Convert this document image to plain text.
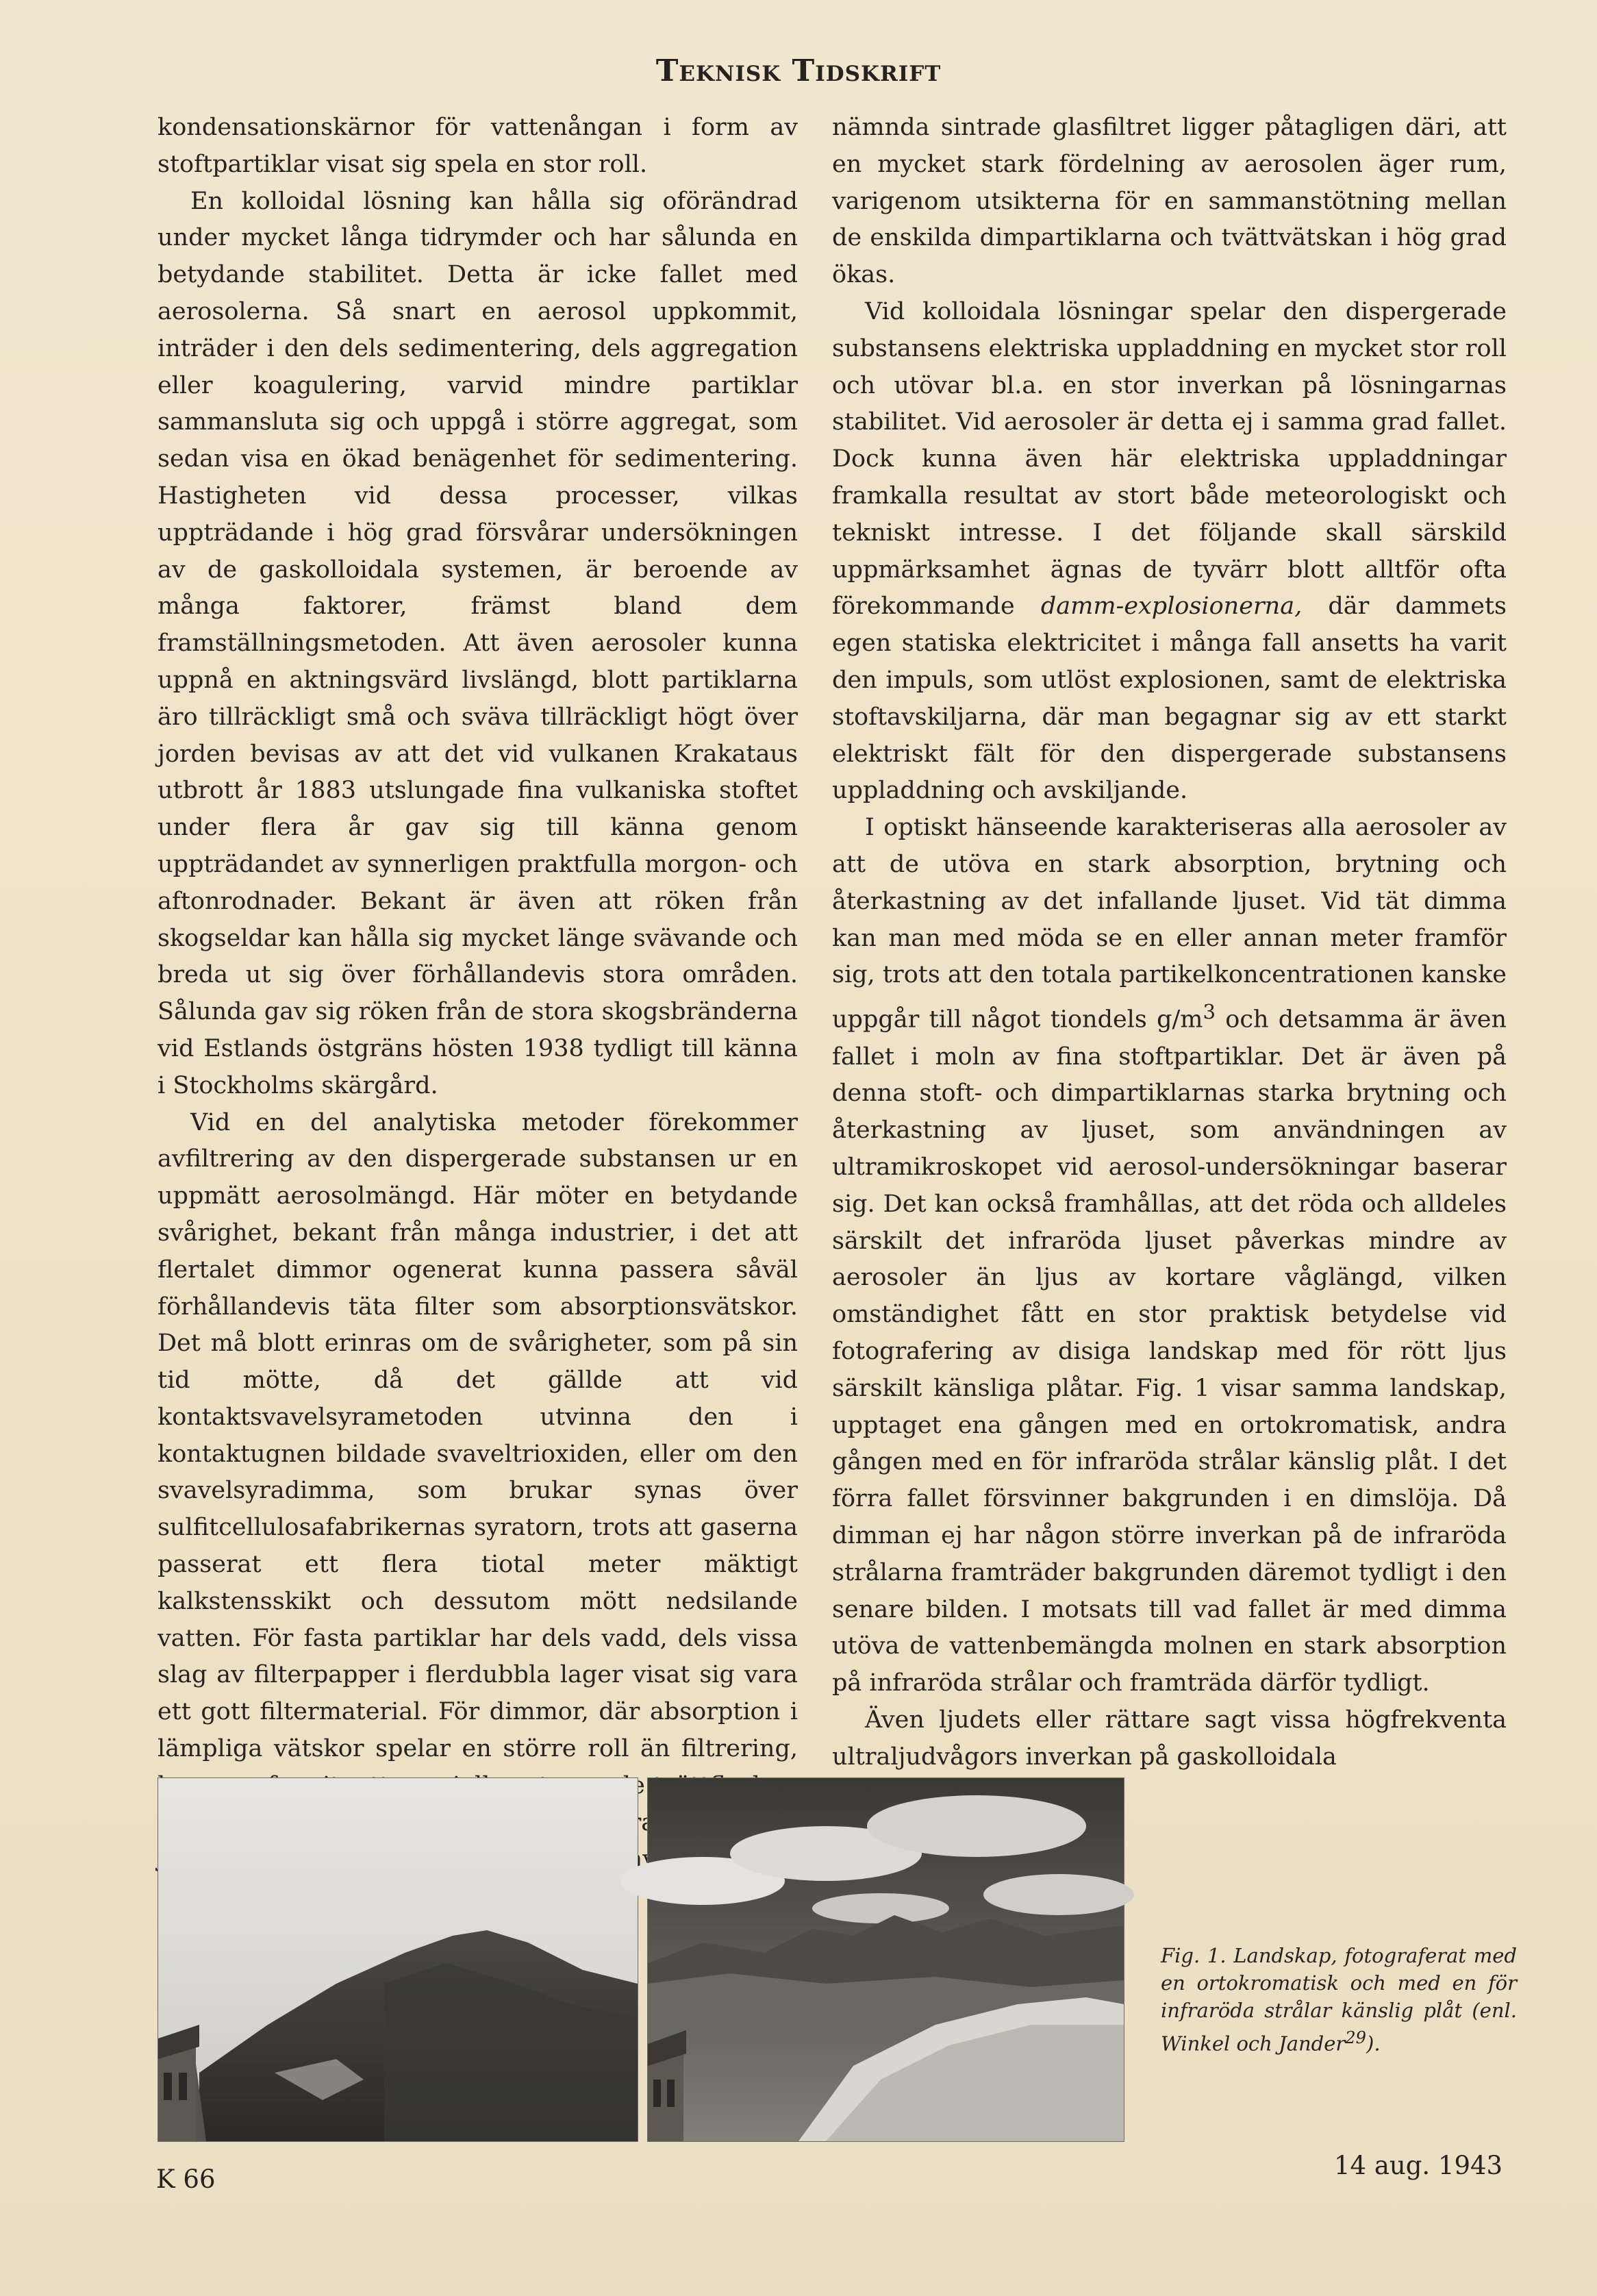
Teknisk Tidskrift

kondensationskärnor för vattenångan i form av stoftpartiklar visat sig spela en stor roll.

En kolloidal lösning kan hålla sig oförändrad under mycket långa tidrymder och har sålunda en betydande stabilitet. Detta är icke fallet med aerosolerna. Så snart en aerosol uppkommit, inträder i den dels sedimentering, dels aggregation eller koagulering, varvid mindre partiklar sammansluta sig och uppgå i större aggregat, som sedan visa en ökad benägenhet för sedimentering. Hastigheten vid dessa processer, vilkas uppträdande i hög grad försvårar undersökningen av de gaskolloidala systemen, är beroende av många faktorer, främst bland dem framställningsmetoden. Att även aerosoler kunna uppnå en aktningsvärd livslängd, blott partiklarna äro tillräckligt små och sväva tillräckligt högt över jorden bevisas av att det vid vulkanen Krakataus utbrott år 1883 utslungade fina vulkaniska stoftet under flera år gav sig till känna genom uppträdandet av synnerligen praktfulla morgon- och aftonrodnader. Bekant är även att röken från skogseldar kan hålla sig mycket länge svävande och breda ut sig över förhållandevis stora områden. Sålunda gav sig röken från de stora skogsbränderna vid Estlands östgräns hösten 1938 tydligt till känna i Stockholms skärgård.

Vid en del analytiska metoder förekommer avfiltrering av den dispergerade substansen ur en uppmätt aerosolmängd. Här möter en betydande svårighet, bekant från många industrier, i det att flertalet dimmor ogenerat kunna passera såväl förhållandevis täta filter som absorptionsvätskor. Det må blott erinras om de svårigheter, som på sin tid mötte, då det gällde att vid kontaktsvavelsyrametoden utvinna den i kontaktugnen bildade svaveltrioxiden, eller om den svavelsyradimma, som brukar synas över sulfitcellulosafabrikernas syratorn, trots att gaserna passerat ett flera tiotal meter mäktigt kalkstensskikt och dessutom mött nedsilande vatten. För fasta partiklar har dels vadd, dels vissa slag av filterpapper i flerdubbla lager visat sig vara ett gott filtermaterial. För dimmor, där absorption i lämpliga vätskor spelar en större roll än filtrering, av

nämnda sintrade glasfiltret ligger påtagligen däri, att en mycket stark fördelning av aerosolen äger rum, varigenom utsikterna för en sammanstötning mellan de enskilda dimpartiklarna och tvättvätskan i hög grad ökas.

Vid kolloidala lösningar spelar den dispergerade substansens elektriska uppladdning en mycket stor roll och utövar bl.a. en stor inverkan på lösningarnas stabilitet. Vid aerosoler är detta ej i samma grad fallet. Dock kunna även här elektriska uppladdningar framkalla resultat av stort både meteorologiskt och tekniskt intresse. I det följande skall särskild uppmärksamhet ägnas de tyvärr blott alltför ofta förekommande damm-explosionerna, där dammets egen statiska elektricitet i många fall ansetts ha varit den impuls, som utlöst explosionen, samt de elektriska stoftavskiljarna, där man begagnar sig av ett starkt elektriskt fält för den dispergerade substansens uppladdning och avskiljande.

I optiskt hänseende karakteriseras alla aerosoler av att de utöva en stark absorption, brytning och återkastning av det infallande ljuset. Vid tät dimma kan man med möda se en eller annan meter framför sig, trots att den totala partikelkoncentrationen kanske uppgår till något tiondels $g/m^3$ och detsamma är även fallet i moln av fina stoftpartiklar. Det är även på denna stoft- och dimpartiklarnas starka brytning och återkastning av ljuset, som användningen av ultramikroskopet vid aerosol-undersökningar baserar sig. Det kan också framhållas, att det röda och alldeles särskilt det infraröda ljuset påverkas mindre av aerosoler än ljus av kortare våglängd, vilken omständighet fått en stor praktisk betydelse vid fotografering av disiga landskap med för rött ljus särskilt känsliga plåtar. Fig. 1 visar samma landskap, upptaget ena gången med en ortokromatisk, andra gången med en för infraröda strålar känslig plåt. I det förra fallet försvinner bakgrunden i en dimslöja. Då dimman ej har någon större inverkan på de infraröda strålarna framträder bakgrunden däremot tydligt i den senare bilden. I motsats till vad fallet är med dimma utöva de vattenbemängda molnen en stark absorption på infraröda strålar och framträda därför tydligt.

Även ljudets eller rättare sagt vissa högfrekventa ultraljudvågors inverkan på gaskolloidala

Fig. 1. Landskap, fotograferat med en ortokromatisk och med en för infraröda strålar känslig plåt (enl. Winkel och Jander$^{29}$).
K 66	14 aug. 1943
